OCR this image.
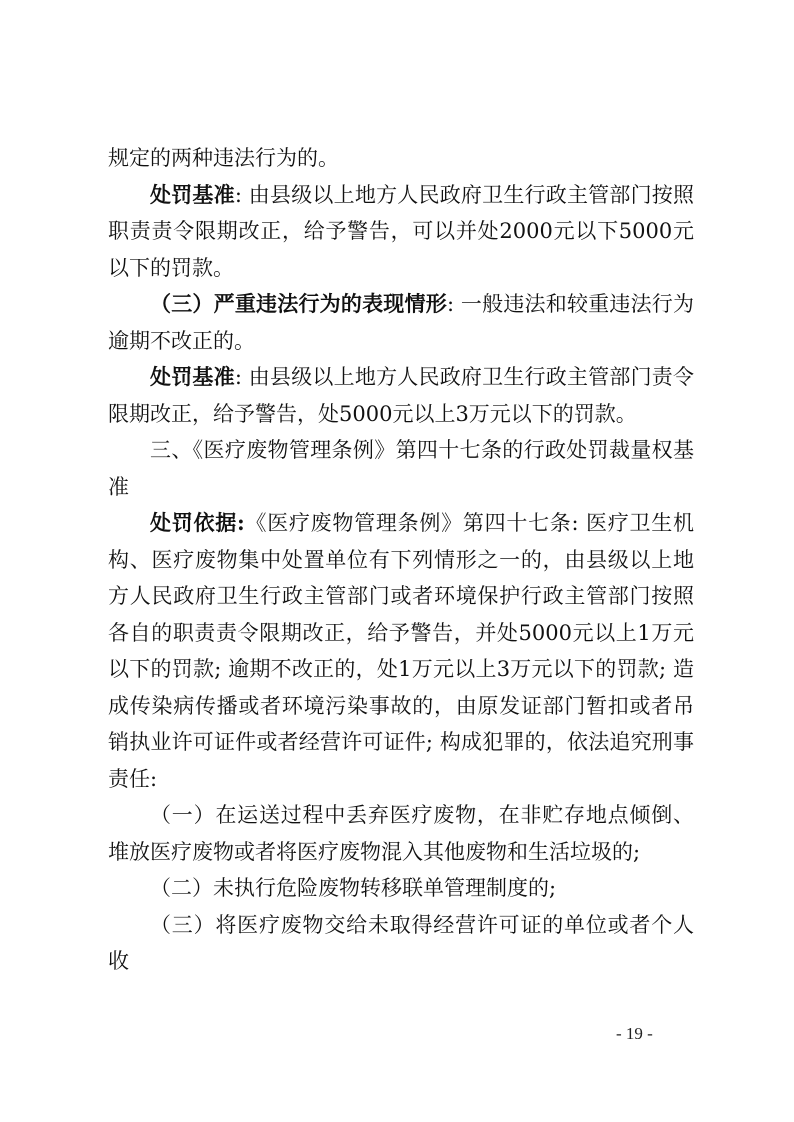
规定的两种违法行为的。

处罚基准: 由县级以上地方人民政府卫生行政主管部门按照职责责令限期改正，给予警告，可以并处2000元以下5000元以下的罚款。

（三）严重违法行为的表现情形: 一般违法和较重违法行为逾期不改正的。

处罚基准: 由县级以上地方人民政府卫生行政主管部门责令限期改正，给予警告，处5000元以上3万元以下的罚款。

三、《医疗废物管理条例》第四十七条的行政处罚裁量权基准

处罚依据:《医疗废物管理条例》第四十七条: 医疗卫生机构、医疗废物集中处置单位有下列情形之一的，由县级以上地方人民政府卫生行政主管部门或者环境保护行政主管部门按照各自的职责责令限期改正，给予警告，并处5000元以上1万元以下的罚款; 逾期不改正的，处1万元以上3万元以下的罚款; 造成传染病传播或者环境污染事故的，由原发证部门暂扣或者吊销执业许可证件或者经营许可证件; 构成犯罪的，依法追究刑事责任:

（一）在运送过程中丢弃医疗废物，在非贮存地点倾倒、堆放医疗废物或者将医疗废物混入其他废物和生活垃圾的;

（二）未执行危险废物转移联单管理制度的;

（三）将医疗废物交给未取得经营许可证的单位或者个人收

- 19 -
